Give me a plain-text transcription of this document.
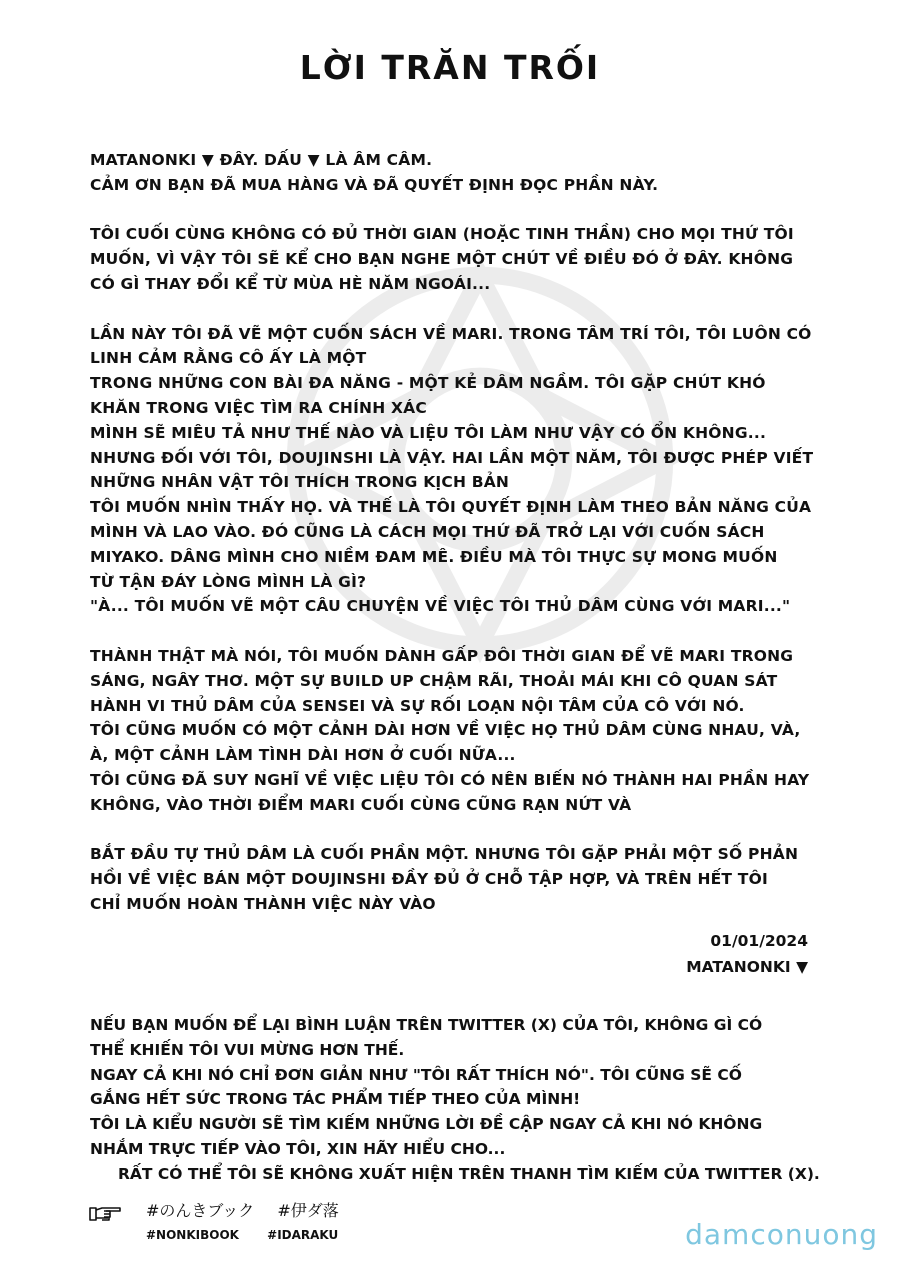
LỜI TRĂN TRỐI
MATANONKI ▼ ĐÂY. DẤU ▼ LÀ ÂM CÂM.
CẢM ƠN BẠN ĐÃ MUA HÀNG VÀ ĐÃ QUYẾT ĐỊNH ĐỌC PHẦN NÀY.
TÔI CUỐI CÙNG KHÔNG CÓ ĐỦ THỜI GIAN (HOẶC TINH THẦN) CHO MỌI THỨ TÔI
MUỐN, VÌ VẬY TÔI SẼ KỂ CHO BẠN NGHE MỘT CHÚT VỀ ĐIỀU ĐÓ Ở ĐÂY. KHÔNG
CÓ GÌ THAY ĐỔI KỂ TỪ MÙA HÈ NĂM NGOÁI...
LẦN NÀY TÔI ĐÃ VẼ MỘT CUỐN SÁCH VỀ MARI. TRONG TÂM TRÍ TÔI, TÔI LUÔN CÓ
LINH CẢM RẰNG CÔ ẤY LÀ MỘT
TRONG NHỮNG CON BÀI ĐA NĂNG - MỘT KẺ DÂM NGẦM. TÔI GẶP CHÚT KHÓ
KHĂN TRONG VIỆC TÌM RA CHÍNH XÁC
MÌNH SẼ MIÊU TẢ NHƯ THẾ NÀO VÀ LIỆU TÔI LÀM NHƯ VẬY CÓ ỔN KHÔNG...
NHƯNG ĐỐI VỚI TÔI, DOUJINSHI LÀ VẬY. HAI LẦN MỘT NĂM, TÔI ĐƯỢC PHÉP VIẾT
NHỮNG NHÂN VẬT TÔI THÍCH TRONG KỊCH BẢN
TÔI MUỐN NHÌN THẤY HỌ. VÀ THẾ LÀ TÔI QUYẾT ĐỊNH LÀM THEO BẢN NĂNG CỦA
MÌNH VÀ LAO VÀO. ĐÓ CŨNG LÀ CÁCH MỌI THỨ ĐÃ TRỞ LẠI VỚI CUỐN SÁCH
MIYAKO. DÂNG MÌNH CHO NIỀM ĐAM MÊ. ĐIỀU MÀ TÔI THỰC SỰ MONG MUỐN
TỪ TẬN ĐÁY LÒNG MÌNH LÀ GÌ?
"À... TÔI MUỐN VẼ MỘT CÂU CHUYỆN VỀ VIỆC TÔI THỦ DÂM CÙNG VỚI MARI..."
THÀNH THẬT MÀ NÓI, TÔI MUỐN DÀNH GẤP ĐÔI THỜI GIAN ĐỂ VẼ MARI TRONG
SÁNG, NGÂY THƠ. MỘT SỰ BUILD UP CHẬM RÃI, THOẢI MÁI KHI CÔ QUAN SÁT
HÀNH VI THỦ DÂM CỦA SENSEI VÀ SỰ RỐI LOẠN NỘI TÂM CỦA CÔ VỚI NÓ.
TÔI CŨNG MUỐN CÓ MỘT CẢNH DÀI HƠN VỀ VIỆC HỌ THỦ DÂM CÙNG NHAU, VÀ,
À, MỘT CẢNH LÀM TÌNH DÀI HƠN Ở CUỐI NỮA...
TÔI CŨNG ĐÃ SUY NGHĨ VỀ VIỆC LIỆU TÔI CÓ NÊN BIẾN NÓ THÀNH HAI PHẦN HAY
KHÔNG, VÀO THỜI ĐIỂM MARI CUỐI CÙNG CŨNG RẠN NỨT VÀ
BẮT ĐẦU TỰ THỦ DÂM LÀ CUỐI PHẦN MỘT. NHƯNG TÔI GẶP PHẢI MỘT SỐ PHẢN
HỒI VỀ VIỆC BÁN MỘT DOUJINSHI ĐẦY ĐỦ Ở CHỖ TẬP HỢP, VÀ TRÊN HẾT TÔI
CHỈ MUỐN HOÀN THÀNH VIỆC NÀY VÀO
01/01/2024
MATANONKI ▼
NẾU BẠN MUỐN ĐỂ LẠI BÌNH LUẬN TRÊN TWITTER (X) CỦA TÔI, KHÔNG GÌ CÓ
THỂ KHIẾN TÔI VUI MỪNG HƠN THẾ.
NGAY CẢ KHI NÓ CHỈ ĐƠN GIẢN NHƯ "TÔI RẤT THÍCH NÓ". TÔI CŨNG SẼ CỐ
GẮNG HẾT SỨC TRONG TÁC PHẨM TIẾP THEO CỦA MÌNH!
TÔI LÀ KIỂU NGƯỜI SẼ TÌM KIẾM NHỮNG LỜI ĐỀ CẬP NGAY CẢ KHI NÓ KHÔNG
NHẮM TRỰC TIẾP VÀO TÔI, XIN HÃY HIỂU CHO...
RẤT CÓ THỂ TÔI SẼ KHÔNG XUẤT HIỆN TRÊN THANH TÌM KIẾM CỦA TWITTER (X).
#のんきブック #伊ダ落
#NONKIBOOK #IDARAKU	damconuong
